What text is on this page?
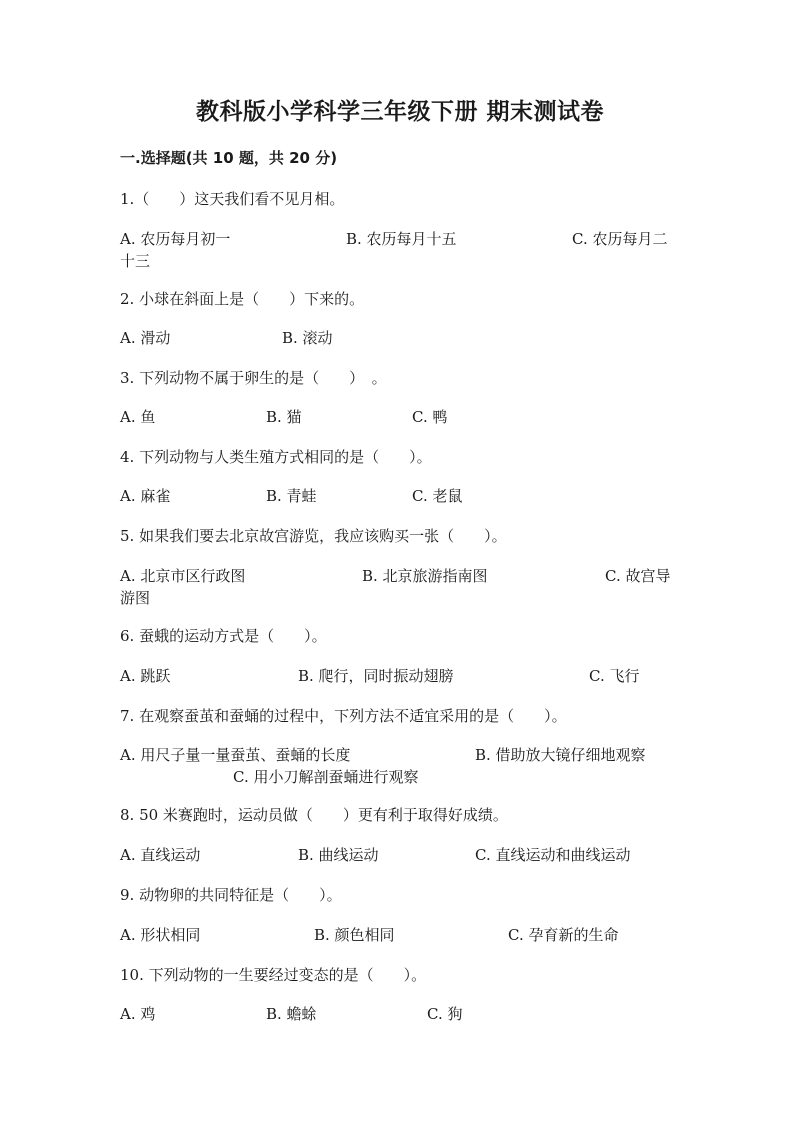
教科版小学科学三年级下册 期末测试卷
一.选择题(共 10 题，共 20 分)
1.（　　）这天我们看不见月相。
A. 农历每月初一	B. 农历每月十五	C. 农历每月二
十三
2. 小球在斜面上是（　　）下来的。
A. 滑动	B. 滚动
3. 下列动物不属于卵生的是（　　）　。
A. 鱼	B. 猫	C. 鸭
4. 下列动物与人类生殖方式相同的是（　　）。
A. 麻雀	B. 青蛙	C. 老鼠
5. 如果我们要去北京故宫游览，我应该购买一张（　　）。
A. 北京市区行政图	B. 北京旅游指南图	C. 故宫导
游图
6. 蚕蛾的运动方式是（　　）。
A. 跳跃	B. 爬行，同时振动翅膀	C. 飞行
7. 在观察蚕茧和蚕蛹的过程中，下列方法不适宜采用的是（　　）。
A. 用尺子量一量蚕茧、蚕蛹的长度	B. 借助放大镜仔细地观察
C. 用小刀解剖蚕蛹进行观察
8. 50 米赛跑时，运动员做（　　）更有利于取得好成绩。
A. 直线运动	B. 曲线运动	C. 直线运动和曲线运动
9. 动物卵的共同特征是（　　）。
A. 形状相同	B. 颜色相同	C. 孕育新的生命
10. 下列动物的一生要经过变态的是（　　）。
A. 鸡	B. 蟾蜍	C. 狗
